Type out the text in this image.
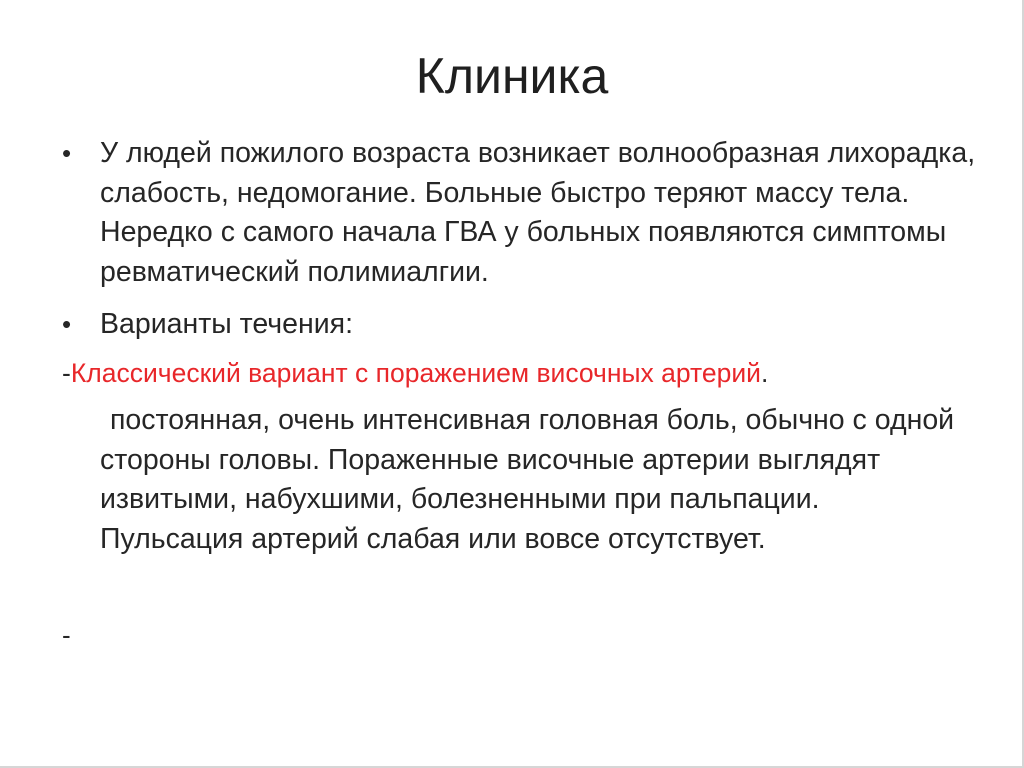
Клиника
•	У людей пожилого возраста возникает волнообразная лихорадка, слабость, недомогание. Больные быстро теряют массу тела. Нередко с самого начала ГВА у больных появляются симптомы ревматический полимиалгии.
•	Варианты течения:
-Классический вариант с поражением височных артерий.
постоянная, очень интенсивная головная боль, обычно с одной стороны головы. Пораженные височные артерии выглядят извитыми, набухшими, болезненными при пальпации. Пульсация артерий слабая или вовсе отсутствует.
-
